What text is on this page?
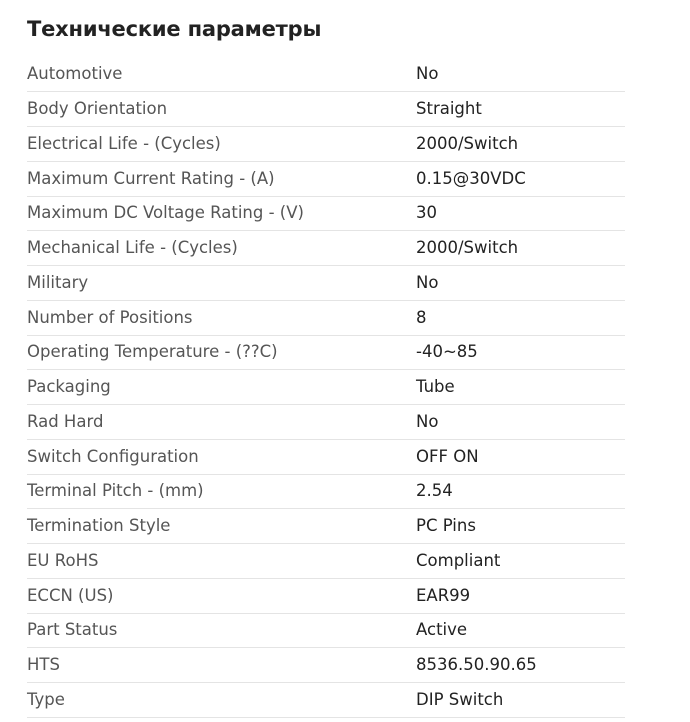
Технические параметры
Automotive	No
Body Orientation	Straight
Electrical Life - (Cycles)	2000/Switch
Maximum Current Rating - (A)	0.15@30VDC
Maximum DC Voltage Rating - (V)	30
Mechanical Life - (Cycles)	2000/Switch
Military	No
Number of Positions	8
Operating Temperature - (??C)	-40~85
Packaging	Tube
Rad Hard	No
Switch Configuration	OFF ON
Terminal Pitch - (mm)	2.54
Termination Style	PC Pins
EU RoHS	Compliant
ECCN (US)	EAR99
Part Status	Active
HTS	8536.50.90.65
Type	DIP Switch
